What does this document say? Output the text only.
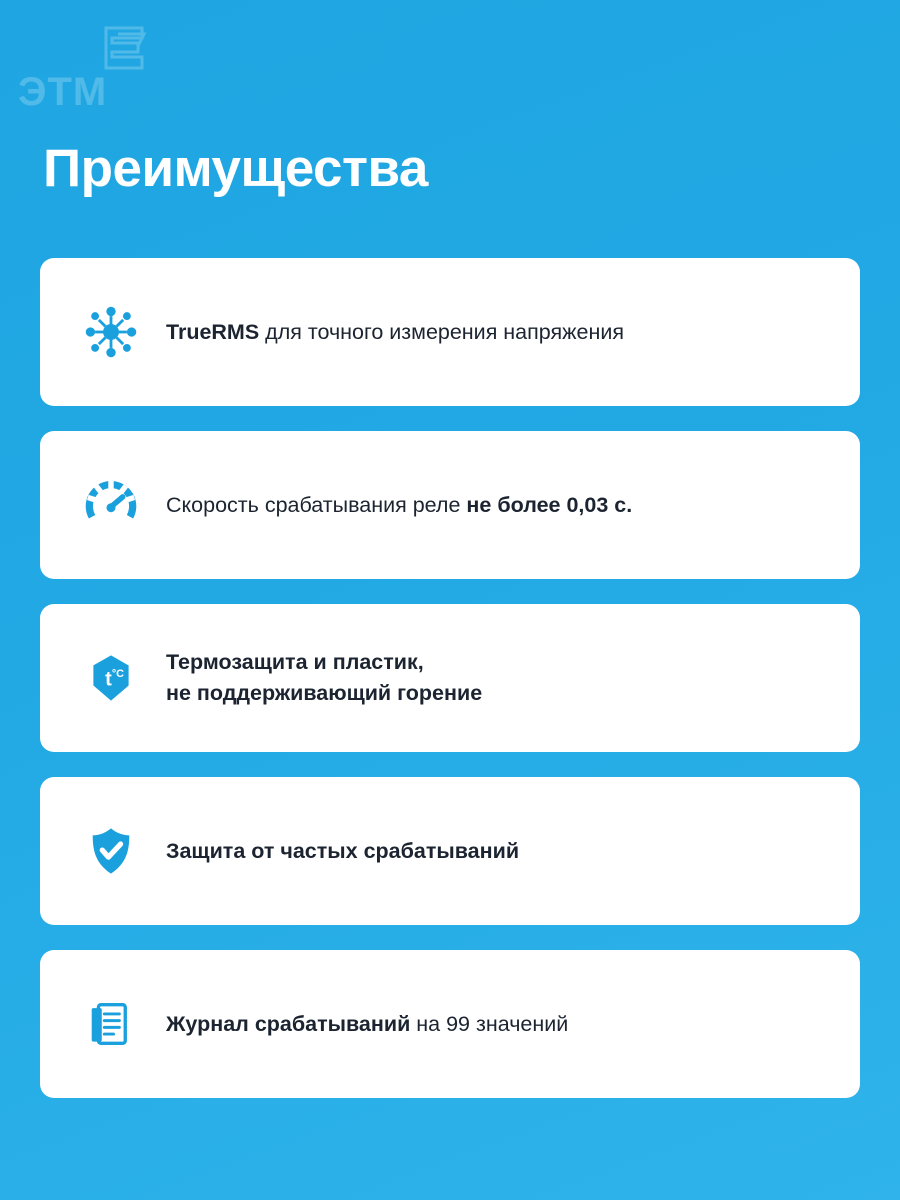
ЭТМ
Преимущества
TrueRMS для точного измерения напряжения
Скорость срабатывания реле не более 0,03 с.
t °C Термозащита и пластик,
не поддерживающий горение
Защита от частых срабатываний
Журнал срабатываний на 99 значений
